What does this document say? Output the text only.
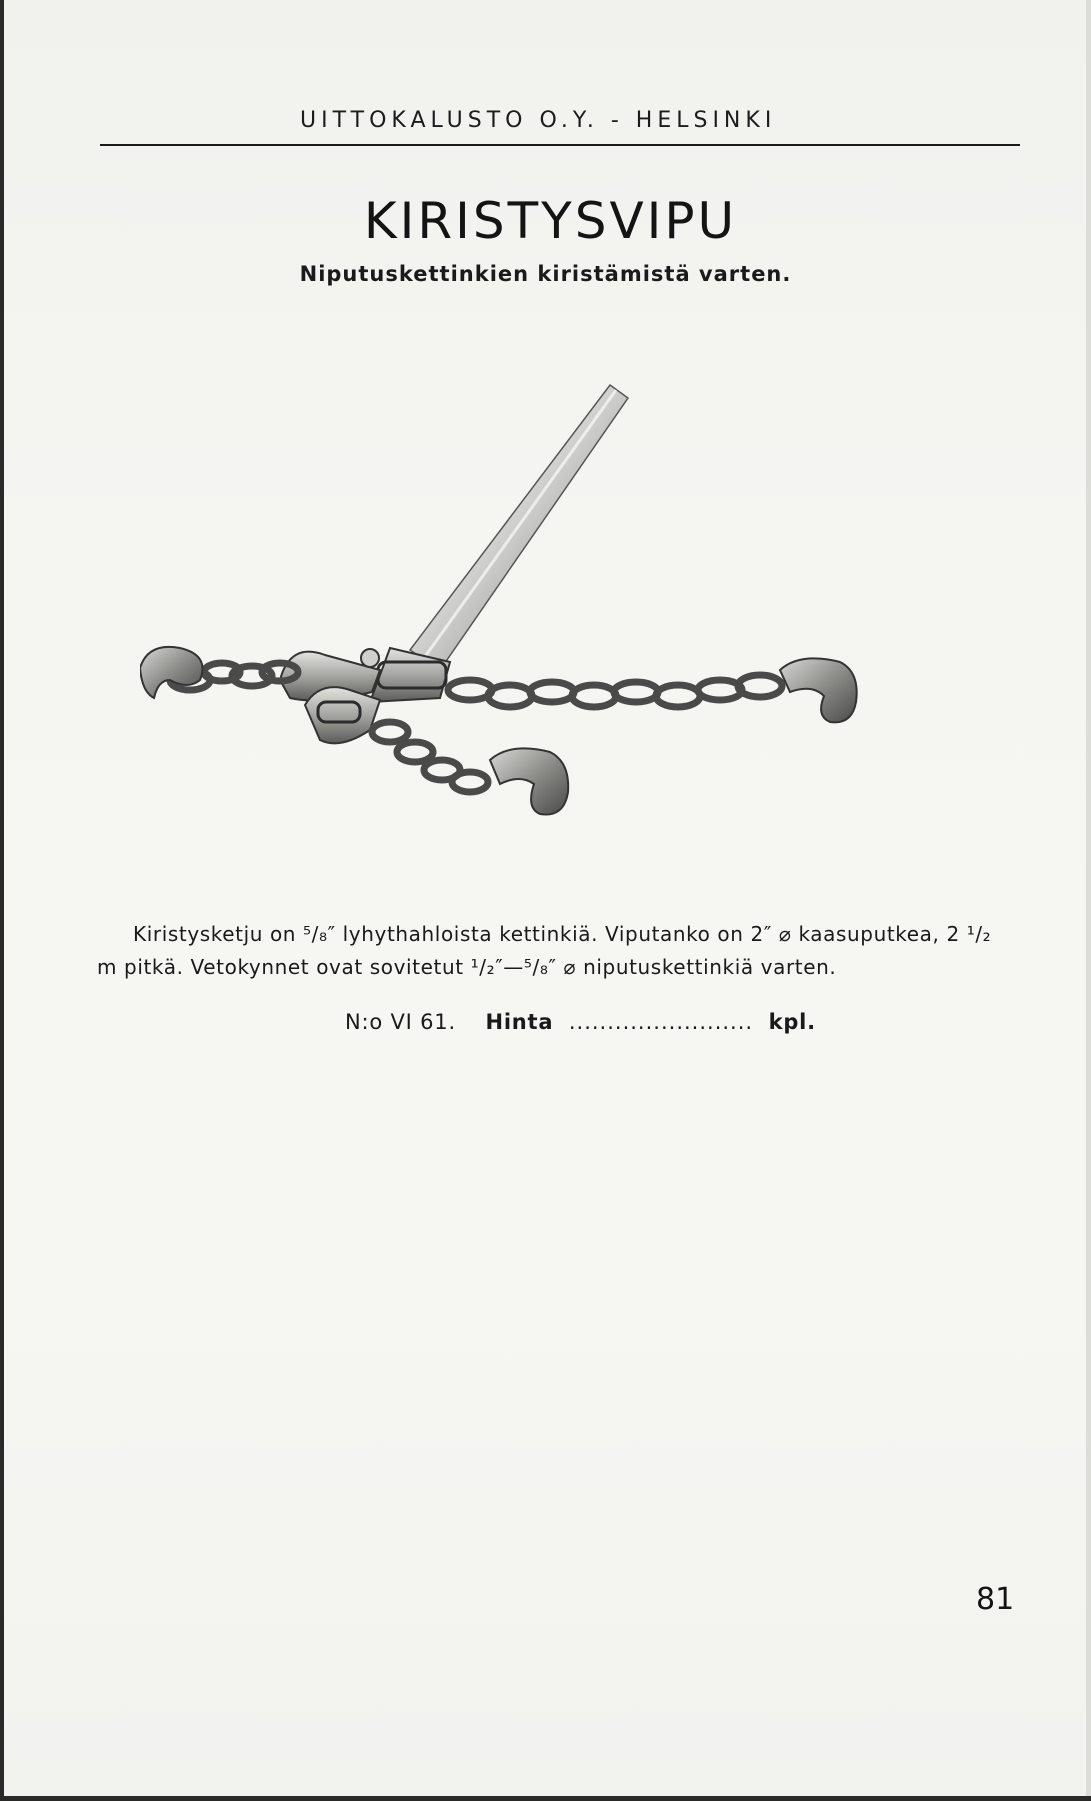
UITTOKALUSTO O.Y. - HELSINKI
KIRISTYSVIPU
Niputuskettinkien kiristämistä varten.
Kiristysketju on ⁵/₈″ lyhythahloista kettinkiä. Viputanko on 2″ ⌀ kaasuputkea, 2 ¹/₂
m pitkä. Vetokynnet ovat sovitetut ¹/₂″—⁵/₈″ ⌀ niputuskettinkiä varten.
N:o VI 61. Hinta ........................ kpl.
81
